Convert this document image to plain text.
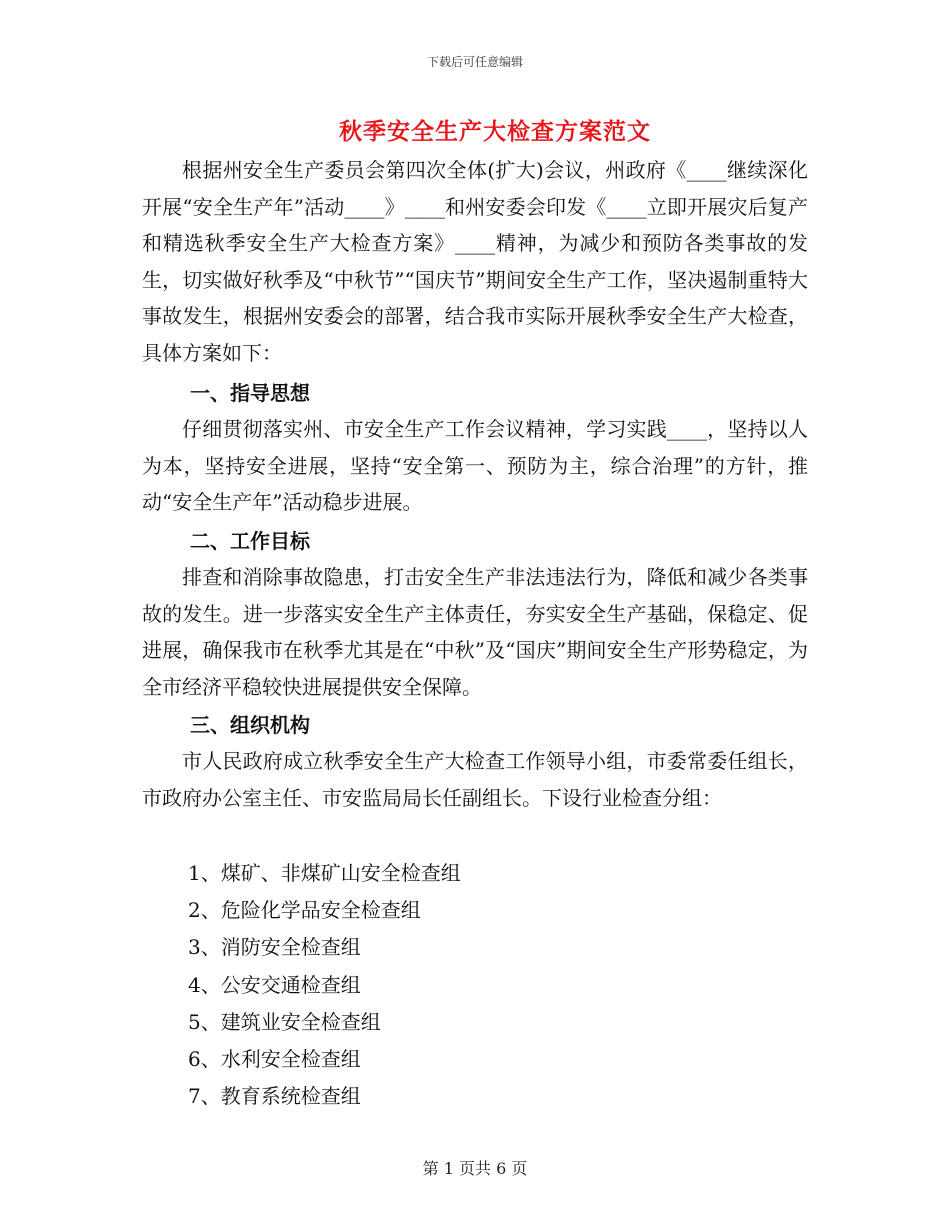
下载后可任意编辑
秋季安全生产大检查方案范文

根据州安全生产委员会第四次全体(扩大)会议，州政府《____继续深化开展“安全生产年”活动____》____和州安委会印发《____立即开展灾后复产和精选秋季安全生产大检查方案》____精神，为减少和预防各类事故的发生，切实做好秋季及“中秋节”“国庆节”期间安全生产工作，坚决遏制重特大事故发生，根据州安委会的部署，结合我市实际开展秋季安全生产大检查，具体方案如下：

一、指导思想

仔细贯彻落实州、市安全生产工作会议精神，学习实践____，坚持以人为本，坚持安全进展，坚持“安全第一、预防为主，综合治理”的方针，推动“安全生产年”活动稳步进展。

二、工作目标

排查和消除事故隐患，打击安全生产非法违法行为，降低和减少各类事故的发生。进一步落实安全生产主体责任，夯实安全生产基础，保稳定、促进展，确保我市在秋季尤其是在“中秋”及“国庆”期间安全生产形势稳定，为全市经济平稳较快进展提供安全保障。

三、组织机构

市人民政府成立秋季安全生产大检查工作领导小组，市委常委任组长，市政府办公室主任、市安监局局长任副组长。下设行业检查分组：

1、煤矿、非煤矿山安全检查组
2、危险化学品安全检查组
3、消防安全检查组
4、公安交通检查组
5、建筑业安全检查组
6、水利安全检查组
7、教育系统检查组
第 1 页共 6 页
